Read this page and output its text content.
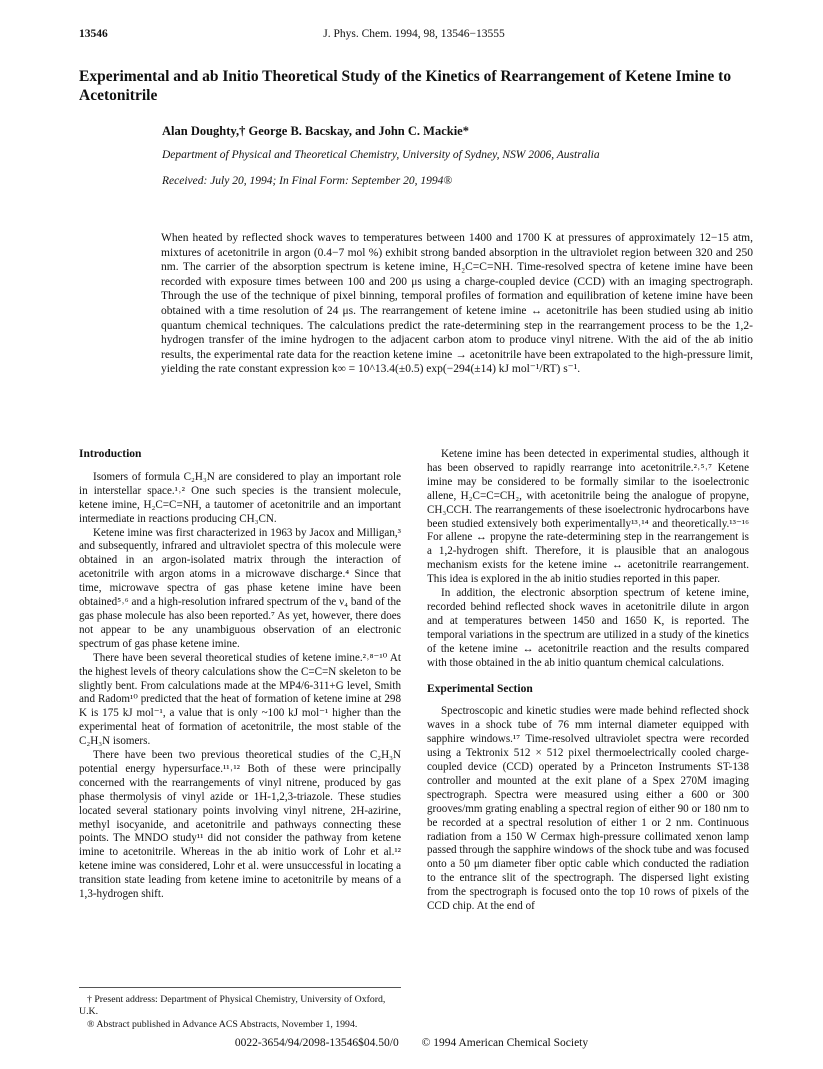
13546	J. Phys. Chem. 1994, 98, 13546−13555
Experimental and ab Initio Theoretical Study of the Kinetics of Rearrangement of Ketene Imine to Acetonitrile
Alan Doughty,† George B. Bacskay, and John C. Mackie*
Department of Physical and Theoretical Chemistry, University of Sydney, NSW 2006, Australia
Received: July 20, 1994; In Final Form: September 20, 1994®

When heated by reflected shock waves to temperatures between 1400 and 1700 K at pressures of approximately 12−15 atm, mixtures of acetonitrile in argon (0.4−7 mol %) exhibit strong banded absorption in the ultraviolet region between 320 and 250 nm. The carrier of the absorption spectrum is ketene imine, H₂C=C=NH. Time-resolved spectra of ketene imine have been recorded with exposure times between 100 and 200 μs using a charge-coupled device (CCD) with an imaging spectrograph. Through the use of the technique of pixel binning, temporal profiles of formation and equilibration of ketene imine have been obtained with a time resolution of 24 μs. The rearrangement of ketene imine ↔ acetonitrile has been studied using ab initio quantum chemical techniques. The calculations predict the rate-determining step in the rearrangement process to be the 1,2-hydrogen transfer of the imine hydrogen to the adjacent carbon atom to produce vinyl nitrene. With the aid of the ab initio results, the experimental rate data for the reaction ketene imine → acetonitrile have been extrapolated to the high-pressure limit, yielding the rate constant expression k∞ = 10^13.4(±0.5) exp(−294(±14) kJ mol⁻¹/RT) s⁻¹.

Introduction

Isomers of formula C₂H₃N are considered to play an important role in interstellar space.¹˒² One such species is the transient molecule, ketene imine, H₂C=C=NH, a tautomer of acetonitrile and an important intermediate in reactions producing CH₃CN.

Ketene imine was first characterized in 1963 by Jacox and Milligan,³ and subsequently, infrared and ultraviolet spectra of this molecule were obtained in an argon-isolated matrix through the interaction of acetonitrile with argon atoms in a microwave discharge.⁴ Since that time, microwave spectra of gas phase ketene imine have been obtained⁵˒⁶ and a high-resolution infrared spectrum of the ν₄ band of the gas phase molecule has also been reported.⁷ As yet, however, there does not appear to be any unambiguous observation of an electronic spectrum of gas phase ketene imine.

There have been several theoretical studies of ketene imine.²˒⁸⁻¹⁰ At the highest levels of theory calculations show the C=C=N skeleton to be slightly bent. From calculations made at the MP4/6-311+G level, Smith and Radom¹⁰ predicted that the heat of formation of ketene imine at 298 K is 175 kJ mol⁻¹, a value that is only ~100 kJ mol⁻¹ higher than the experimental heat of formation of acetonitrile, the most stable of the C₂H₃N isomers.

There have been two previous theoretical studies of the C₂H₃N potential energy hypersurface.¹¹˒¹² Both of these were principally concerned with the rearrangements of vinyl nitrene, produced by gas phase thermolysis of vinyl azide or 1H-1,2,3-triazole. These studies located several stationary points involving vinyl nitrene, 2H-azirine, methyl isocyanide, and acetonitrile and pathways connecting these points. The MNDO study¹¹ did not consider the pathway from ketene imine to acetonitrile. Whereas in the ab initio work of Lohr et al.¹² ketene imine was considered, Lohr et al. were unsuccessful in locating a transition state leading from ketene imine to acetonitrile by means of a 1,3-hydrogen shift.

Ketene imine has been detected in experimental studies, although it has been observed to rapidly rearrange into acetonitrile.²˒⁵˒⁷ Ketene imine may be considered to be formally similar to the isoelectronic allene, H₂C=C=CH₂, with acetonitrile being the analogue of propyne, CH₃CCH. The rearrangements of these isoelectronic hydrocarbons have been studied extensively both experimentally¹³˒¹⁴ and theoretically.¹³⁻¹⁶ For allene ↔ propyne the rate-determining step in the rearrangement is a 1,2-hydrogen shift. Therefore, it is plausible that an analogous mechanism exists for the ketene imine ↔ acetonitrile rearrangement. This idea is explored in the ab initio studies reported in this paper.

In addition, the electronic absorption spectrum of ketene imine, recorded behind reflected shock waves in acetonitrile dilute in argon and at temperatures between 1450 and 1650 K, is reported. The temporal variations in the spectrum are utilized in a study of the kinetics of the ketene imine ↔ acetonitrile reaction and the results compared with those obtained in the ab initio quantum chemical calculations.

Experimental Section

Spectroscopic and kinetic studies were made behind reflected shock waves in a shock tube of 76 mm internal diameter equipped with sapphire windows.¹⁷ Time-resolved ultraviolet spectra were recorded using a Tektronix 512 × 512 pixel thermoelectrically cooled charge-coupled device (CCD) operated by a Princeton Instruments ST-138 controller and mounted at the exit plane of a Spex 270M imaging spectrograph. Spectra were measured using either a 600 or 300 grooves/mm grating enabling a spectral region of either 90 or 180 nm to be recorded at a spectral resolution of either 1 or 2 nm. Continuous radiation from a 150 W Cermax high-pressure collimated xenon lamp passed through the sapphire windows of the shock tube and was focused onto a 50 μm diameter fiber optic cable which conducted the radiation to the entrance slit of the spectrograph. The dispersed light existing from the spectrograph is focused onto the top 10 rows of pixels of the CCD chip. At the end of

† Present address: Department of Physical Chemistry, University of Oxford, U.K.

® Abstract published in Advance ACS Abstracts, November 1, 1994.

0022-3654/94/2098-13546$04.50/0 © 1994 American Chemical Society
